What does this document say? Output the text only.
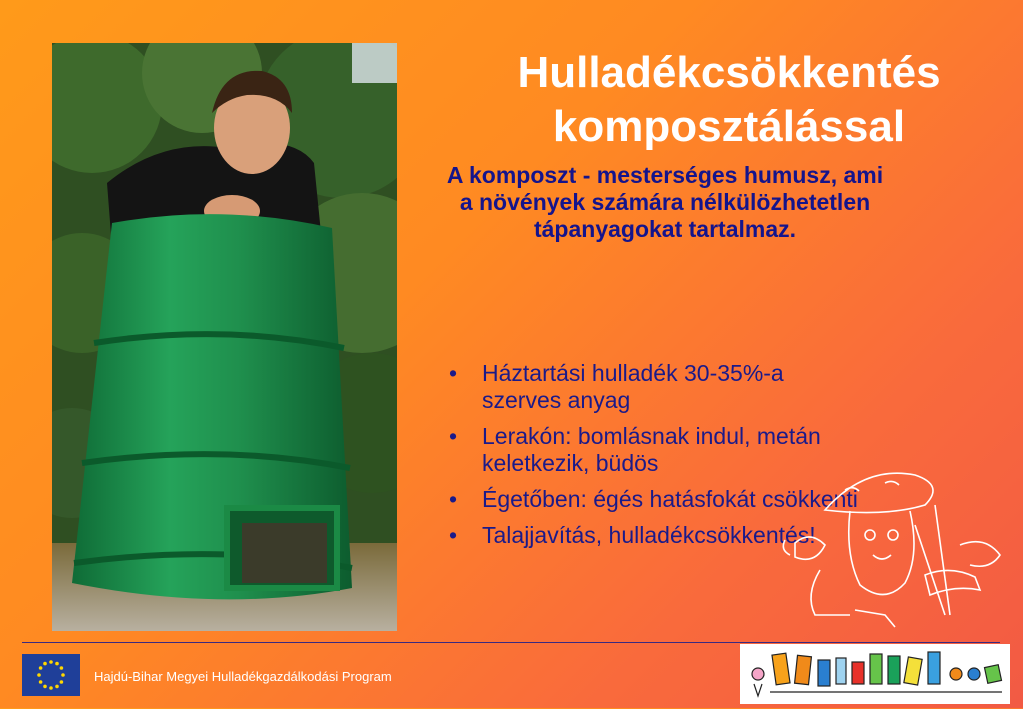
Hulladékcsökkentés
komposztálással
A komposzt - mesterséges humusz, ami a növények számára nélkülözhetetlen tápanyagokat tartalmaz.
• Háztartási hulladék 30-35%-a szerves anyag
• Lerakón: bomlásnak indul, metán keletkezik, büdös
• Égetőben: égés hatásfokát csökkenti
• Talajjavítás, hulladékcsökkentés!
Hajdú-Bihar Megyei Hulladékgazdálkodási Program
